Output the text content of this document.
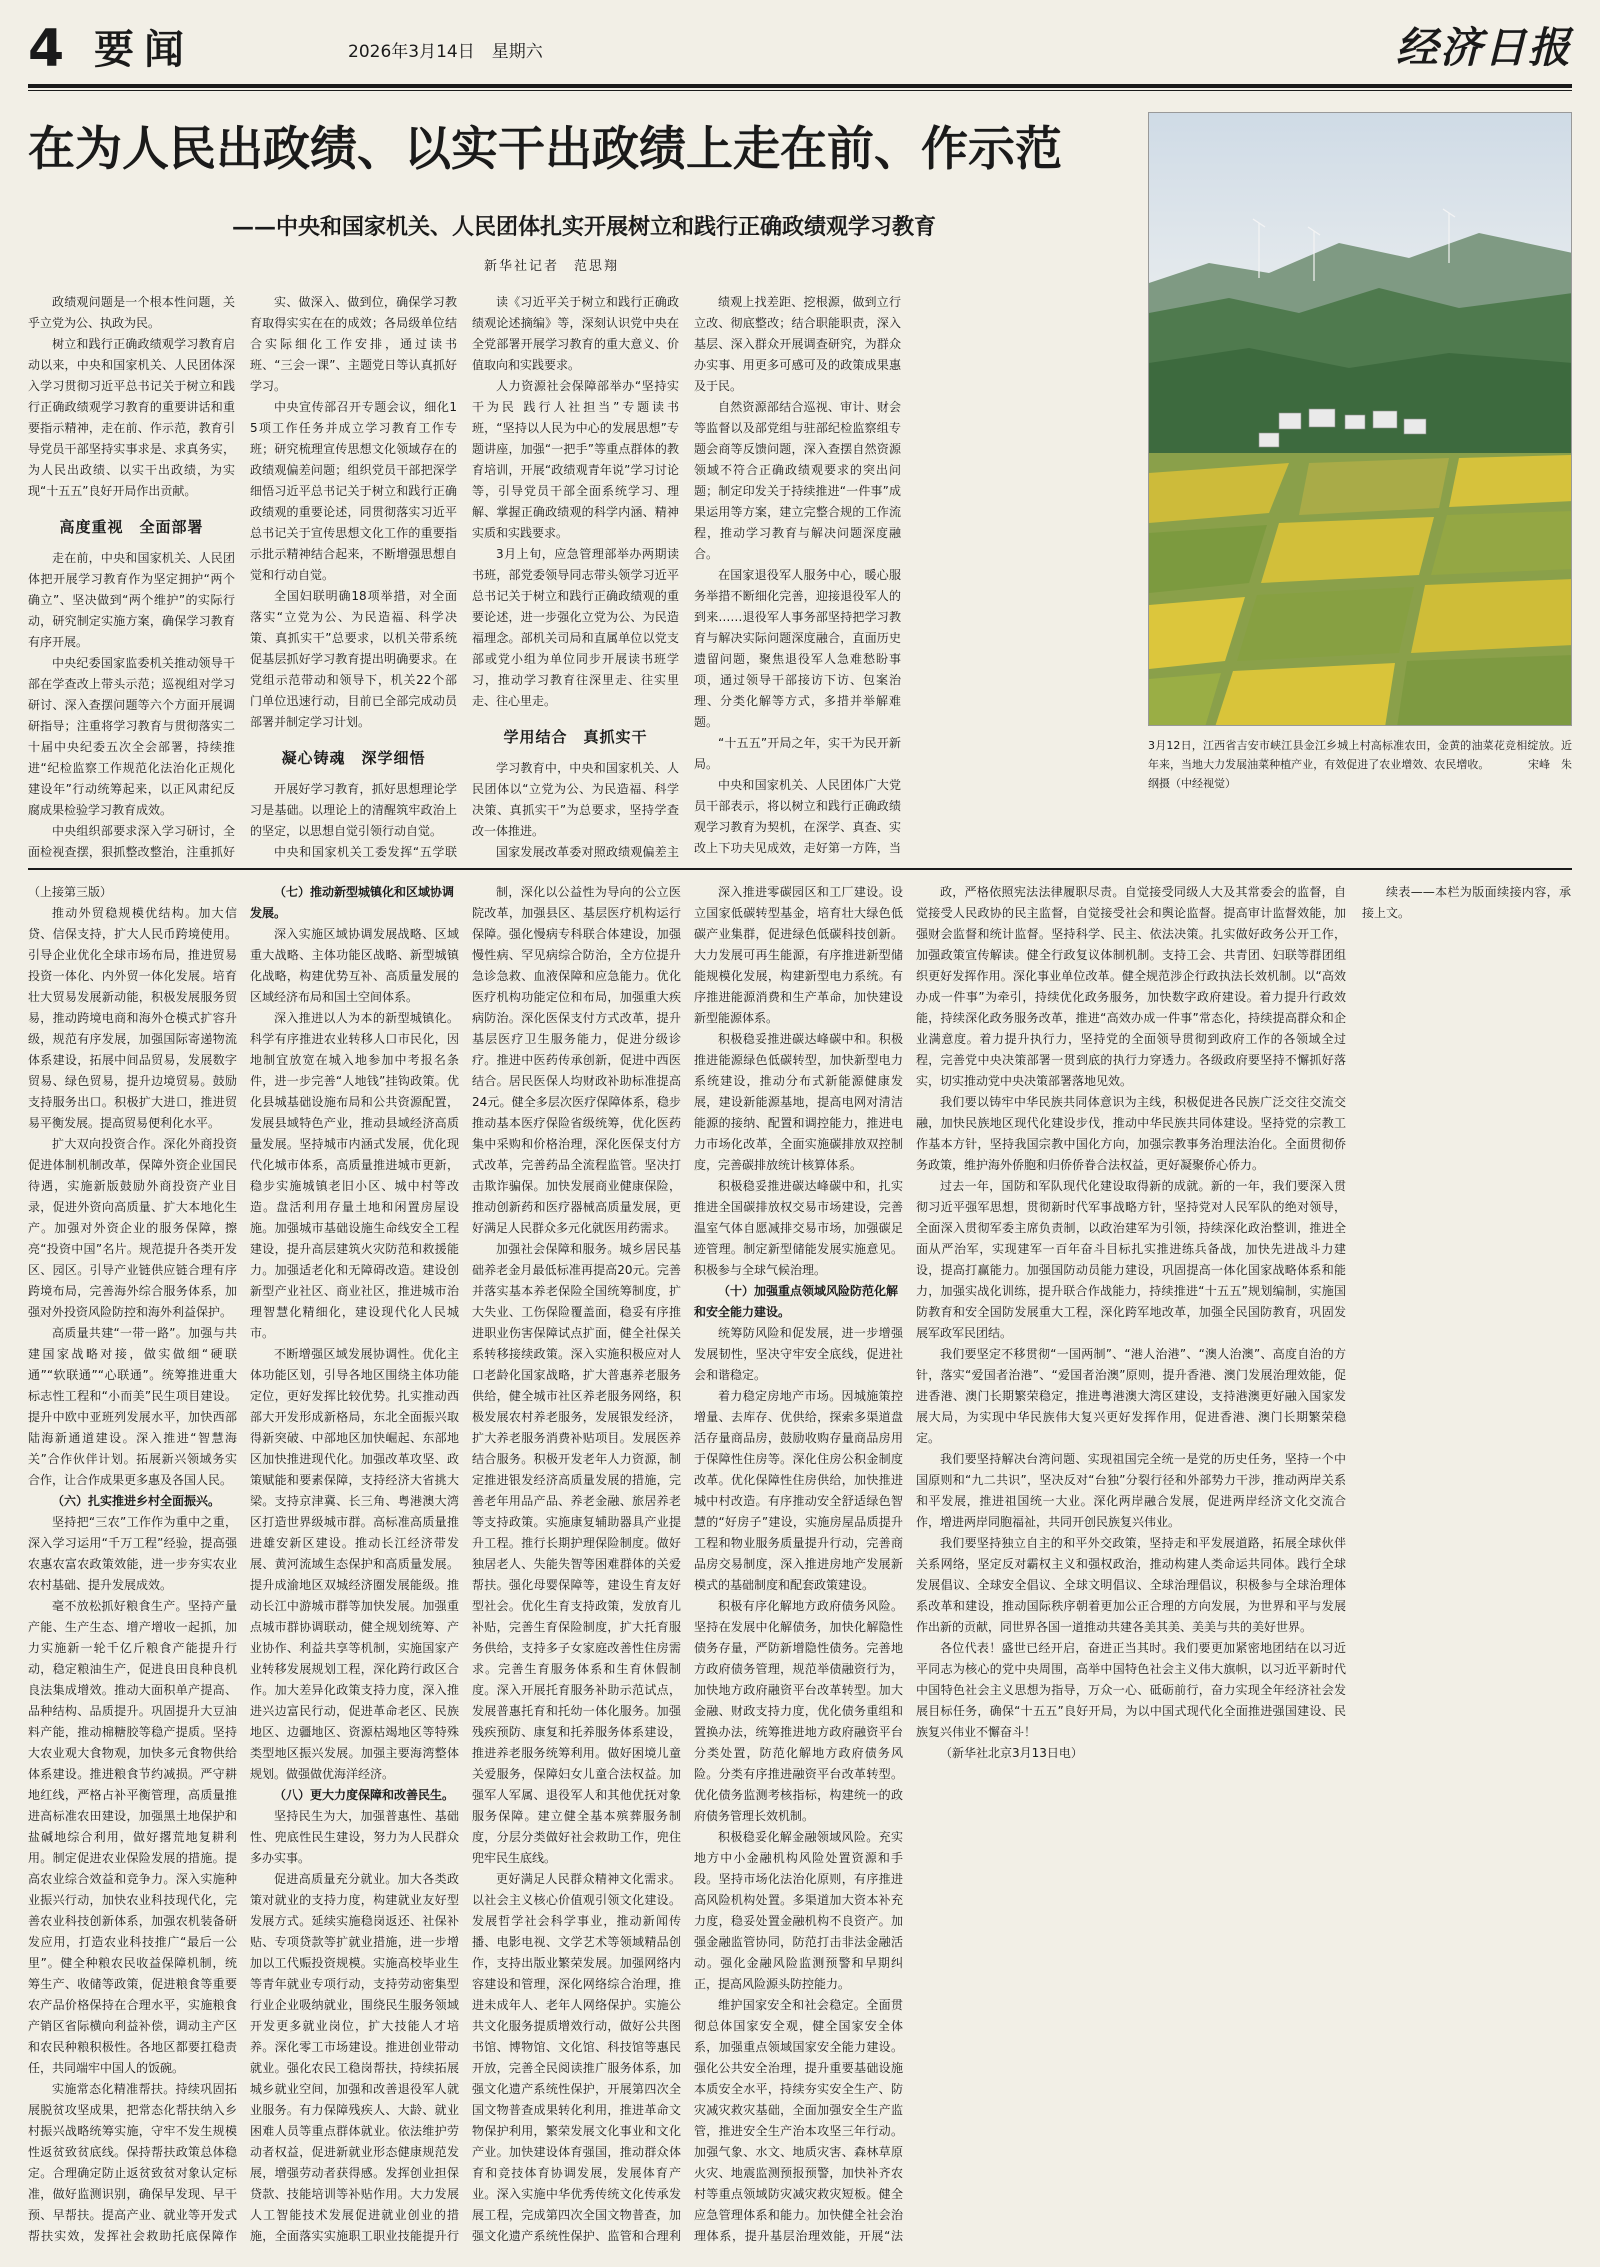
4 要闻	2026年3月14日　星期六	经济日报
在为人民出政绩、以实干出政绩上走在前、作示范
——中央和国家机关、人民团体扎实开展树立和践行正确政绩观学习教育
新华社记者　范思翔

政绩观问题是一个根本性问题，关乎立党为公、执政为民。

树立和践行正确政绩观学习教育启动以来，中央和国家机关、人民团体深入学习贯彻习近平总书记关于树立和践行正确政绩观学习教育的重要讲话和重要指示精神，走在前、作示范，教育引导党员干部坚持实事求是、求真务实，为人民出政绩、以实干出政绩，为实现“十五五”良好开局作出贡献。

高度重视　全面部署

走在前，中央和国家机关、人民团体把开展学习教育作为坚定拥护“两个确立”、坚决做到“两个维护”的实际行动，研究制定实施方案，确保学习教育有序开展。

中央纪委国家监委机关推动领导干部在学查改上带头示范；巡视组对学习研讨、深入查摆问题等六个方面开展调研指导；注重将学习教育与贯彻落实二十届中央纪委五次全会部署，持续推进“纪检监察工作规范化法治化正规化建设年”行动统筹起来，以正风肃纪反腐成果检验学习教育成效。

中央组织部要求深入学习研讨，全面检视查摆，狠抓整改整治，注重抓好

实、做深入、做到位，确保学习教育取得实实在在的成效；各局级单位结合实际细化工作安排，通过读书班、“三会一课”、主题党日等认真抓好学习。

中央宣传部召开专题会议，细化15项工作任务并成立学习教育工作专班；研究梳理宣传思想文化领域存在的政绩观偏差问题；组织党员干部把深学细悟习近平总书记关于树立和践行正确政绩观的重要论述，同贯彻落实习近平总书记关于宣传思想文化工作的重要指示批示精神结合起来，不断增强思想自觉和行动自觉。

全国妇联明确18项举措，对全面落实“立党为公、为民造福、科学决策、真抓实干”总要求，以机关带系统促基层抓好学习教育提出明确要求。在党组示范带动和领导下，机关22个部门单位迅速行动，目前已全部完成动员部署并制定学习计划。

凝心铸魂　深学细悟

开展好学习教育，抓好思想理论学习是基础。以理论上的清醒筑牢政治上的坚定，以思想自觉引领行动自觉。

中央和国家机关工委发挥“五学联

读《习近平关于树立和践行正确政绩观论述摘编》等，深刻认识党中央在全党部署开展学习教育的重大意义、价值取向和实践要求。

人力资源社会保障部举办“坚持实干为民 践行人社担当”专题读书班，“坚持以人民为中心的发展思想”专题讲座，加强“一把手”等重点群体的教育培训，开展“政绩观青年说”学习讨论等，引导党员干部全面系统学习、理解、掌握正确政绩观的科学内涵、精神实质和实践要求。

3月上旬，应急管理部举办两期读书班，部党委领导同志带头领学习近平总书记关于树立和践行正确政绩观的重要论述，进一步强化立党为公、为民造福理念。部机关司局和直属单位以党支部或党小组为单位同步开展读书班学习，推动学习教育往深里走、往实里走、往心里走。

学用结合　真抓实干

学习教育中，中央和国家机关、人民团体以“立党为公、为民造福、科学决策、真抓实干”为总要求，坚持学查改一体推进。

国家发展改革委对照政绩观偏差主

绩观上找差距、挖根源，做到立行立改、彻底整改；结合职能职责，深入基层、深入群众开展调查研究，为群众办实事、用更多可感可及的政策成果惠及于民。

自然资源部结合巡视、审计、财会等监督以及部党组与驻部纪检监察组专题会商等反馈问题，深入查摆自然资源领域不符合正确政绩观要求的突出问题；制定印发关于持续推进“一件事”成果运用等方案，建立完整合规的工作流程，推动学习教育与解决问题深度融合。

在国家退役军人服务中心，暖心服务举措不断细化完善，迎接退役军人的到来……退役军人事务部坚持把学习教育与解决实际问题深度融合，直面历史遗留问题，聚焦退役军人急难愁盼事项，通过领导干部接访下访、包案治理、分类化解等方式，多措并举解难题。

“十五五”开局之年，实干为民开新局。

中央和国家机关、人民团体广大党员干部表示，将以树立和践行正确政绩观学习教育为契机，在深学、真查、实改上下功夫见成效，走好第一方阵，当

3月12日，江西省吉安市峡江县金江乡城上村高标准农田，金黄的油菜花竞相绽放。近年来，当地大力发展油菜种植产业，有效促进了农业增效、农民增收。　　　　宋峰　朱纲摄（中经视觉）
（上接第三版）

推动外贸稳规模优结构。加大信贷、信保支持，扩大人民币跨境使用。引导企业优化全球市场布局，推进贸易投资一体化、内外贸一体化发展。培育壮大贸易发展新动能，积极发展服务贸易，推动跨境电商和海外仓模式扩容升级，规范有序发展，加强国际寄递物流体系建设，拓展中间品贸易，发展数字贸易、绿色贸易，提升边境贸易。鼓励支持服务出口。积极扩大进口，推进贸易平衡发展。提高贸易便利化水平。

扩大双向投资合作。深化外商投资促进体制机制改革，保障外资企业国民待遇，实施新版鼓励外商投资产业目录，促进外资向高质量、扩大本地化生产。加强对外资企业的服务保障，擦亮“投资中国”名片。规范提升各类开发区、园区。引导产业链供应链合理有序跨境布局，完善海外综合服务体系，加强对外投资风险防控和海外利益保护。

高质量共建“一带一路”。加强与共建国家战略对接，做实做细“硬联通”“软联通”“心联通”。统筹推进重大标志性工程和“小而美”民生项目建设。提升中欧中亚班列发展水平，加快西部陆海新通道建设。深入推进“智慧海关”合作伙伴计划。拓展新兴领域务实合作，让合作成果更多惠及各国人民。

（六）扎实推进乡村全面振兴。

坚持把“三农”工作作为重中之重，深入学习运用“千万工程”经验，提高强农惠农富农政策效能，进一步夯实农业农村基础、提升发展成效。

毫不放松抓好粮食生产。坚持产量产能、生产生态、增产增收一起抓，加力实施新一轮千亿斤粮食产能提升行动，稳定粮油生产，促进良田良种良机良法集成增效。推动大面积单产提高、品种结构、品质提升。巩固提升大豆油料产能，推动棉糖胶等稳产提质。坚持大农业观大食物观，加快多元食物供给体系建设。推进粮食节约减损。严守耕地红线，严格占补平衡管理，高质量推进高标准农田建设，加强黑土地保护和盐碱地综合利用，做好撂荒地复耕利用。制定促进农业保险发展的措施。提高农业综合效益和竞争力。深入实施种业振兴行动，加快农业科技现代化，完善农业科技创新体系，加强农机装备研发应用，打造农业科技推广“最后一公里”。健全种粮农民收益保障机制，统筹生产、收储等政策，促进粮食等重要农产品价格保持在合理水平，实施粮食产销区省际横向利益补偿，调动主产区和农民种粮积极性。各地区都要扛稳责任，共同端牢中国人的饭碗。

实施常态化精准帮扶。持续巩固拓展脱贫攻坚成果，把常态化帮扶纳入乡村振兴战略统筹实施，守牢不发生规模性返贫致贫底线。保持帮扶政策总体稳定。合理确定防止返贫致贫对象认定标准，做好监测识别，确保早发现、早干预、早帮扶。提高产业、就业等开发式帮扶实效，发挥社会救助托底保障作

（七）推动新型城镇化和区域协调发展。

深入实施区域协调发展战略、区域重大战略、主体功能区战略、新型城镇化战略，构建优势互补、高质量发展的区域经济布局和国土空间体系。

深入推进以人为本的新型城镇化。科学有序推进农业转移人口市民化，因地制宜放宽在城入地参加中考报名条件，进一步完善“人地钱”挂钩政策。优化县城基础设施布局和公共资源配置，发展县域特色产业，推动县域经济高质量发展。坚持城市内涵式发展，优化现代化城市体系，高质量推进城市更新，稳步实施城镇老旧小区、城中村等改造。盘活利用存量土地和闲置房屋设施。加强城市基础设施生命线安全工程建设，提升高层建筑火灾防范和救援能力。加强适老化和无障碍改造。建设创新型产业社区、商业社区，推进城市治理智慧化精细化，建设现代化人民城市。

不断增强区域发展协调性。优化主体功能区划，引导各地区围绕主体功能定位，更好发挥比较优势。扎实推动西部大开发形成新格局，东北全面振兴取得新突破、中部地区加快崛起、东部地区加快推进现代化。加强改革攻坚、政策赋能和要素保障，支持经济大省挑大梁。支持京津冀、长三角、粤港澳大湾区打造世界级城市群。高标准高质量推进雄安新区建设。推动长江经济带发展、黄河流域生态保护和高质量发展。提升成渝地区双城经济圈发展能级。推动长江中游城市群等加快发展。加强重点城市群协调联动，健全规划统筹、产业协作、利益共享等机制，实施国家产业转移发展规划工程，深化跨行政区合作。加大差异化政策支持力度，深入推进兴边富民行动，促进革命老区、民族地区、边疆地区、资源枯竭地区等特殊类型地区振兴发展。加强主要海湾整体规划。做强做优海洋经济。

（八）更大力度保障和改善民生。

坚持民生为大，加强普惠性、基础性、兜底性民生建设，努力为人民群众多办实事。

促进高质量充分就业。加大各类政策对就业的支持力度，构建就业友好型发展方式。延续实施稳岗返还、社保补贴、专项贷款等扩就业措施，进一步增加以工代赈投资规模。实施高校毕业生等青年就业专项行动，支持劳动密集型行业企业吸纳就业，围绕民生服务领域开发更多就业岗位，扩大技能人才培养。深化零工市场建设。推进创业带动就业。强化农民工稳岗帮扶，持续拓展城乡就业空间，加强和改善退役军人就业服务。有力保障残疾人、大龄、就业困难人员等重点群体就业。依法维护劳动者权益，促进新就业形态健康规范发展，增强劳动者获得感。发挥创业担保贷款、技能培训等补贴作用。大力发展人工智能技术发展促进就业创业的措施，全面落实实施职工职业技能提升行

制，深化以公益性为导向的公立医院改革，加强县区、基层医疗机构运行保障。强化慢病专科联合体建设，加强慢性病、罕见病综合防治，全方位提升急诊急救、血液保障和应急能力。优化医疗机构功能定位和布局，加强重大疾病防治。深化医保支付方式改革，提升基层医疗卫生服务能力，促进分级诊疗。推进中医药传承创新，促进中西医结合。居民医保人均财政补助标准提高24元。健全多层次医疗保障体系，稳步推动基本医疗保险省级统筹，优化医药集中采购和价格治理，深化医保支付方式改革，完善药品全流程监管。坚决打击欺诈骗保。加快发展商业健康保险，推动创新药和医疗器械高质量发展，更好满足人民群众多元化就医用药需求。

加强社会保障和服务。城乡居民基础养老金月最低标准再提高20元。完善并落实基本养老保险全国统筹制度，扩大失业、工伤保险覆盖面，稳妥有序推进职业伤害保障试点扩面，健全社保关系转移接续政策。深入实施积极应对人口老龄化国家战略，扩大普惠养老服务供给，健全城市社区养老服务网络，积极发展农村养老服务，发展银发经济，扩大养老服务消费补贴项目。发展医养结合服务。积极开发老年人力资源，制定推进银发经济高质量发展的措施，完善老年用品产品、养老金融、旅居养老等支持政策。实施康复辅助器具产业提升工程。推行长期护理保险制度。做好独居老人、失能失智等困难群体的关爱帮扶。强化母婴保障等，建设生育友好型社会。优化生育支持政策，发放育儿补贴，完善生育保险制度，扩大托育服务供给，支持多子女家庭改善性住房需求。完善生育服务体系和生育休假制度。深入开展托育服务补助示范试点，发展普惠托育和托幼一体化服务。加强残疾预防、康复和托养服务体系建设，推进养老服务统筹利用。做好困境儿童关爱服务，保障妇女儿童合法权益。加强军人军属、退役军人和其他优抚对象服务保障。建立健全基本殡葬服务制度，分层分类做好社会救助工作，兜住兜牢民生底线。

更好满足人民群众精神文化需求。以社会主义核心价值观引领文化建设。发展哲学社会科学事业，推动新闻传播、电影电视、文学艺术等领域精品创作，支持出版业繁荣发展。加强网络内容建设和管理，深化网络综合治理，推进未成年人、老年人网络保护。实施公共文化服务提质增效行动，做好公共图书馆、博物馆、文化馆、科技馆等惠民开放，完善全民阅读推广服务体系，加强文化遗产系统性保护，开展第四次全国文物普查成果转化利用，推进革命文物保护利用，繁荣发展文化事业和文化产业。加快建设体育强国，推动群众体育和竞技体育协调发展，发展体育产业。深入实施中华优秀传统文化传承发展工程，完成第四次全国文物普查，加强文化遗产系统性保护、监管和合理利

深入推进零碳园区和工厂建设。设立国家低碳转型基金，培育壮大绿色低碳产业集群，促进绿色低碳科技创新。大力发展可再生能源，有序推进新型储能规模化发展，构建新型电力系统。有序推进能源消费和生产革命，加快建设新型能源体系。

积极稳妥推进碳达峰碳中和。积极推进能源绿色低碳转型，加快新型电力系统建设，推动分布式新能源健康发展，建设新能源基地，提高电网对清洁能源的接纳、配置和调控能力，推进电力市场化改革，全面实施碳排放双控制度，完善碳排放统计核算体系。

积极稳妥推进碳达峰碳中和，扎实推进全国碳排放权交易市场建设，完善温室气体自愿减排交易市场，加强碳足迹管理。制定新型储能发展实施意见。积极参与全球气候治理。

（十）加强重点领域风险防范化解和安全能力建设。

统筹防风险和促发展，进一步增强发展韧性，坚决守牢安全底线，促进社会和谐稳定。

着力稳定房地产市场。因城施策控增量、去库存、优供给，探索多渠道盘活存量商品房，鼓励收购存量商品房用于保障性住房等。深化住房公积金制度改革。优化保障性住房供给，加快推进城中村改造。有序推动安全舒适绿色智慧的“好房子”建设，实施房屋品质提升工程和物业服务质量提升行动，完善商品房交易制度，深入推进房地产发展新模式的基础制度和配套政策建设。

积极有序化解地方政府债务风险。坚持在发展中化解债务，加快化解隐性债务存量，严防新增隐性债务。完善地方政府债务管理，规范举债融资行为，加快地方政府融资平台改革转型。加大金融、财政支持力度，优化债务重组和置换办法，统筹推进地方政府融资平台分类处置，防范化解地方政府债务风险。分类有序推进融资平台改革转型。优化债务监测考核指标，构建统一的政府债务管理长效机制。

积极稳妥化解金融领域风险。充实地方中小金融机构风险处置资源和手段。坚持市场化法治化原则，有序推进高风险机构处置。多渠道加大资本补充力度，稳妥处置金融机构不良资产。加强金融监管协同，防范打击非法金融活动。强化金融风险监测预警和早期纠正，提高风险源头防控能力。

维护国家安全和社会稳定。全面贯彻总体国家安全观，健全国家安全体系，加强重点领域国家安全能力建设。强化公共安全治理，提升重要基础设施本质安全水平，持续夯实安全生产、防灾减灾救灾基础，全面加强安全生产监管，推进安全生产治本攻坚三年行动。加强气象、水文、地质灾害、森林草原火灾、地震监测预报预警，加快补齐农村等重点领域防灾减灾救灾短板。健全应急管理体系和能力。加快健全社会治理体系，提升基层治理效能，开展“法

政，严格依照宪法法律履职尽责。自觉接受同级人大及其常委会的监督，自觉接受人民政协的民主监督，自觉接受社会和舆论监督。提高审计监督效能，加强财会监督和统计监督。坚持科学、民主、依法决策。扎实做好政务公开工作，加强政策宣传解读。健全行政复议体制机制。支持工会、共青团、妇联等群团组织更好发挥作用。深化事业单位改革。健全规范涉企行政执法长效机制。以“高效办成一件事”为牵引，持续优化政务服务，加快数字政府建设。着力提升行政效能，持续深化政务服务改革，推进“高效办成一件事”常态化，持续提高群众和企业满意度。着力提升执行力，坚持党的全面领导贯彻到政府工作的各领域全过程，完善党中央决策部署一贯到底的执行力穿透力。各级政府要坚持不懈抓好落实，切实推动党中央决策部署落地见效。

我们要以铸牢中华民族共同体意识为主线，积极促进各民族广泛交往交流交融，加快民族地区现代化建设步伐，推动中华民族共同体建设。坚持党的宗教工作基本方针，坚持我国宗教中国化方向，加强宗教事务治理法治化。全面贯彻侨务政策，维护海外侨胞和归侨侨眷合法权益，更好凝聚侨心侨力。

过去一年，国防和军队现代化建设取得新的成就。新的一年，我们要深入贯彻习近平强军思想，贯彻新时代军事战略方针，坚持党对人民军队的绝对领导，全面深入贯彻军委主席负责制，以政治建军为引领，持续深化政治整训，推进全面从严治军，实现建军一百年奋斗目标扎实推进练兵备战，加快先进战斗力建设，提高打赢能力。加强国防动员能力建设，巩固提高一体化国家战略体系和能力，加强实战化训练，提升联合作战能力，持续推进“十五五”规划编制，实施国防教育和安全国防发展重大工程，深化跨军地改革，加强全民国防教育，巩固发展军政军民团结。

我们要坚定不移贯彻“一国两制”、“港人治港”、“澳人治澳”、高度自治的方针，落实“爱国者治港”、“爱国者治澳”原则，提升香港、澳门发展治理效能，促进香港、澳门长期繁荣稳定，推进粤港澳大湾区建设，支持港澳更好融入国家发展大局，为实现中华民族伟大复兴更好发挥作用，促进香港、澳门长期繁荣稳定。

我们要坚持解决台湾问题、实现祖国完全统一是党的历史任务，坚持一个中国原则和“九二共识”，坚决反对“台独”分裂行径和外部势力干涉，推动两岸关系和平发展，推进祖国统一大业。深化两岸融合发展，促进两岸经济文化交流合作，增进两岸同胞福祉，共同开创民族复兴伟业。

我们要坚持独立自主的和平外交政策，坚持走和平发展道路，拓展全球伙伴关系网络，坚定反对霸权主义和强权政治，推动构建人类命运共同体。践行全球发展倡议、全球安全倡议、全球文明倡议、全球治理倡议，积极参与全球治理体系改革和建设，推动国际秩序朝着更加公正合理的方向发展，为世界和平与发展作出新的贡献，同世界各国一道推动共建各美其美、美美与共的美好世界。

各位代表！盛世已经开启，奋进正当其时。我们要更加紧密地团结在以习近平同志为核心的党中央周围，高举中国特色社会主义伟大旗帜，以习近平新时代中国特色社会主义思想为指导，万众一心、砥砺前行，奋力实现全年经济社会发展目标任务，确保“十五五”良好开局，为以中国式现代化全面推进强国建设、民族复兴伟业不懈奋斗！

（新华社北京3月13日电）

续表——本栏为版面续接内容，承接上文。
